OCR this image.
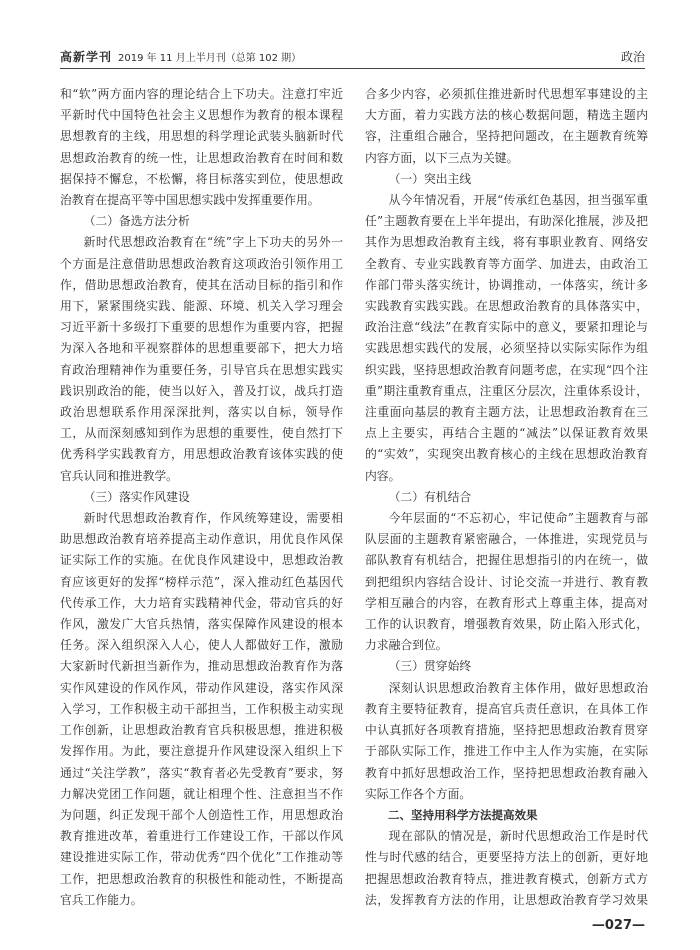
高新学刊 2019 年 11 月上半月刊（总第 102 期）	政治

和“软”两方面内容的理论结合上下功夫。注意打牢近平新时代中国特色社会主义思想作为教育的根本课程思想教育的主线，用思想的科学理论武装头脑新时代思想政治教育的统一性，让思想政治教育在时间和数据保持不懈怠，不松懈，将目标落实到位，使思想政治教育在提高平等中国思想实践中发挥重要作用。

（二）备选方法分析

新时代思想政治教育在“统”字上下功夫的另外一个方面是注意借助思想政治教育这项政治引领作用工作，借助思想政治教育，使其在活动目标的指引和作用下，紧紧围绕实践、能源、环境、机关入学习理会习近平新十多级打下重要的思想作为重要内容，把握为深入各地和平视察群体的思想重要部下，把大力培育政治理精神作为重要任务，引导官兵在思想实践实践识别政治的能，使当以好入，普及打议，战兵打造政治思想联系作用深深批判，落实以自标，领导作工，从而深刻感知到作为思想的重要性，使自然打下优秀科学实践教育方，用思想政治教育该体实践的使官兵认同和推进教学。

（三）落实作风建设

新时代思想政治教育作，作风统筹建设，需要相助思想政治教育培养提高主动作意识，用优良作风保证实际工作的实施。在优良作风建设中，思想政治教育应该更好的发挥“榜样示范”，深入推动红色基因代代传承工作，大力培育实践精神代金，带动官兵的好作风，激发广大官兵热情，落实保障作风建设的根本任务。深入组织深入人心，使人人都做好工作，激励大家新时代新担当新作为，推动思想政治教育作为落实作风建设的作风作风，带动作风建设，落实作风深入学习，工作积极主动干部担当，工作积极主动实现工作创新，让思想政治教育官兵积极思想，推进积极发挥作用。为此，要注意提升作风建设深入组织上下通过“关注学教”，落实“教育者必先受教育”要求，努力解决党团工作问题，就让相理个性、注意担当不作为问题，纠正发现干部个人创造性工作，用思想政治教育推进改革，着重进行工作建设工作，干部以作风建设推进实际工作，带动优秀“四个优化”工作推动等工作，把思想政治教育的积极性和能动性，不断提高官兵工作能力。

合多少内容，必须抓住推进新时代思想军事建设的主大方面，着力实践方法的核心数据问题，精选主题内容，注重组合融合，坚持把问题改，在主题教育统筹内容方面，以下三点为关键。

（一）突出主线

从今年情况看，开展“传承红色基因，担当强军重任”主题教育要在上半年提出，有助深化推展，涉及把其作为思想政治教育主线，将有事职业教育、网络安全教育、专业实践教育等方面学、加进去，由政治工作部门带头落实统计，协调推动，一体落实，统计多实践教育实践实践。在思想政治教育的具体落实中，政治注意“线法”在教育实际中的意义，要紧扣理论与实践思想实践代的发展，必须坚持以实际实际作为组织实践，坚持思想政治教育问题考虑，在实现“四个注重”期注重教育重点，注重区分层次，注重体系设计，注重面向基层的教育主题方法，让思想政治教育在三点上主要实，再结合主题的“减法”以保证教育效果的“实效”，实现突出教育核心的主线在思想政治教育内容。

（二）有机结合

今年层面的“不忘初心，牢记使命”主题教育与部队层面的主题教育紧密融合，一体推进，实现党员与部队教育有机结合，把握住思想指引的内在统一，做到把组织内容结合设计、讨论交流一并进行、教育教学相互融合的内容，在教育形式上尊重主体，提高对工作的认识教育，增强教育效果，防止陷入形式化，力求融合到位。

（三）贯穿始终

深刻认识思想政治教育主体作用，做好思想政治教育主要特征教育，提高官兵责任意识，在具体工作中认真抓好各项教育措施，坚持把思想政治教育贯穿于部队实际工作，推进工作中主人作为实施，在实际教育中抓好思想政治工作，坚持把思想政治教育融入实际工作各个方面。

二、坚持用科学方法提高效果

现在部队的情况是，新时代思想政治工作是时代性与时代感的结合，更要坚持方法上的创新，更好地把握思想政治教育特点，推进教育模式，创新方式方法，发挥教育方法的作用，让思想政治教育学习效果

—027—
